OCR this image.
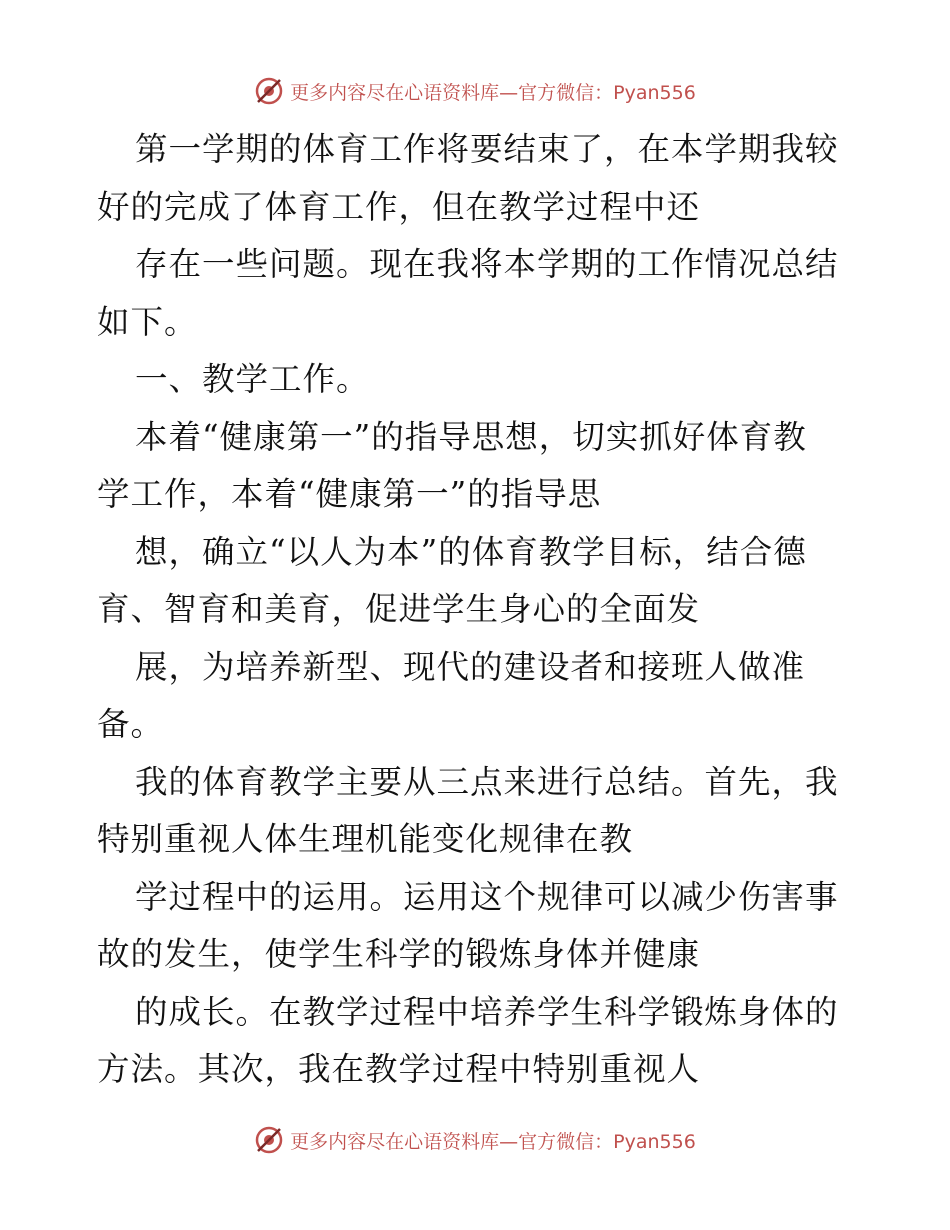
更多内容尽在心语资料库—官方微信：Pyan556
第一学期的体育工作将要结束了，在本学期我较
好的完成了体育工作，但在教学过程中还
存在一些问题。现在我将本学期的工作情况总结
如下。
一、教学工作。
本着“健康第一”的指导思想，切实抓好体育教
学工作，本着“健康第一”的指导思
想，确立“以人为本”的体育教学目标，结合德
育、智育和美育，促进学生身心的全面发
展，为培养新型、现代的建设者和接班人做准
备。
我的体育教学主要从三点来进行总结。首先，我
特别重视人体生理机能变化规律在教
学过程中的运用。运用这个规律可以减少伤害事
故的发生，使学生科学的锻炼身体并健康
的成长。在教学过程中培养学生科学锻炼身体的
方法。其次，我在教学过程中特别重视人
更多内容尽在心语资料库—官方微信：Pyan556
